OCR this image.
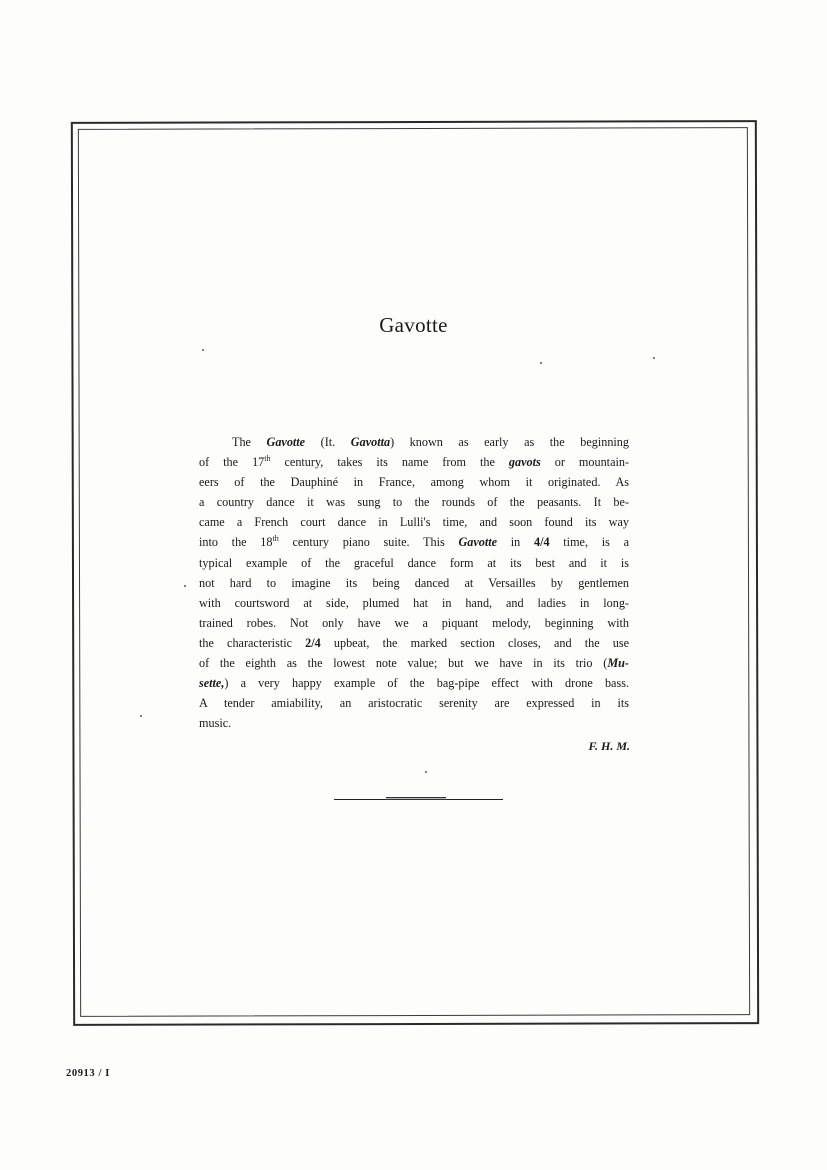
Gavotte
The Gavotte (It. Gavotta) known as early as the beginning
of the 17th century, takes its name from the gavots or mountain-
eers of the Dauphiné in France, among whom it originated. As
a country dance it was sung to the rounds of the peasants. It be-
came a French court dance in Lulli's time, and soon found its way
into the 18th century piano suite. This Gavotte in 4/4 time, is a
typical example of the graceful dance form at its best and it is
not hard to imagine its being danced at Versailles by gentlemen
with courtsword at side, plumed hat in hand, and ladies in long-
trained robes. Not only have we a piquant melody, beginning with
the characteristic 2/4 upbeat, the marked section closes, and the use
of the eighth as the lowest note value; but we have in its trio (Mu-
sette,) a very happy example of the bag-pipe effect with drone bass.
A tender amiability, an aristocratic serenity are expressed in its
music.
F. H. M.
20913 / I
